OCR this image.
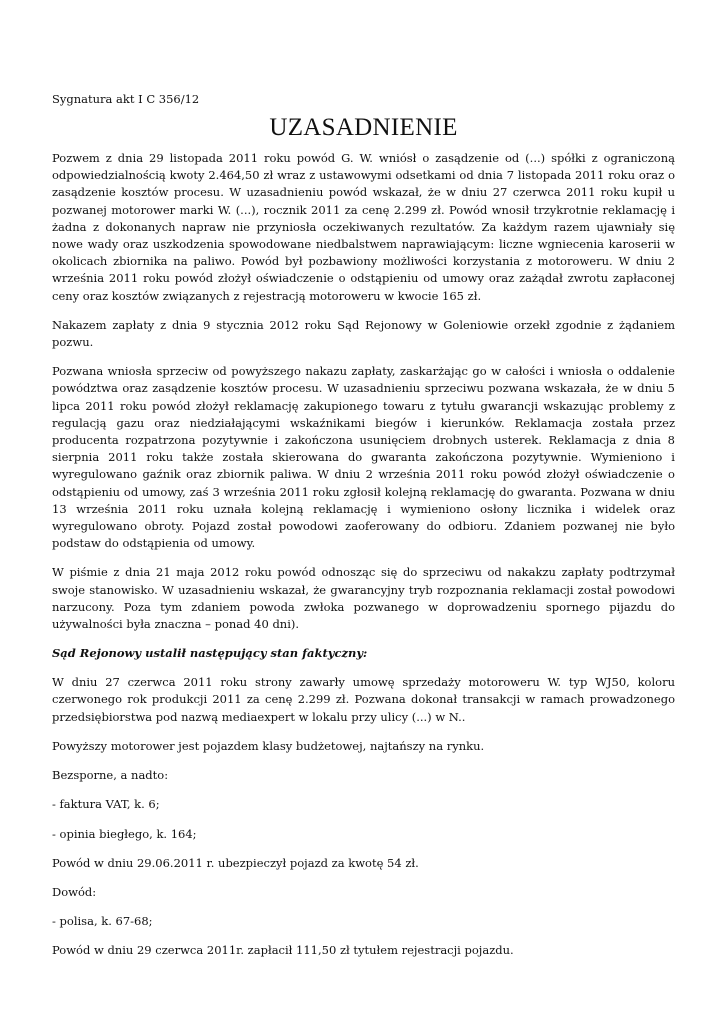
Sygnatura akt I C 356/12
UZASADNIENIE

Pozwem z dnia 29 listopada 2011 roku powód G. W. wniósł o zasądzenie od (...) spółki z ograniczoną odpowiedzialnością kwoty 2.464,50 zł wraz z ustawowymi odsetkami od dnia 7 listopada 2011 roku oraz o zasądzenie kosztów procesu. W uzasadnieniu powód wskazał, że w dniu 27 czerwca 2011 roku kupił u pozwanej motorower marki W. (...), rocznik 2011 za cenę 2.299 zł. Powód wnosił trzykrotnie reklamację i żadna z dokonanych napraw nie przyniosła oczekiwanych rezultatów. Za każdym razem ujawniały się nowe wady oraz uszkodzenia spowodowane niedbalstwem naprawiającym: liczne wgniecenia karoserii w okolicach zbiornika na paliwo. Powód był pozbawiony możliwości korzystania z motoroweru. W dniu 2 września 2011 roku powód złożył oświadczenie o odstąpieniu od umowy oraz zażądał zwrotu zapłaconej ceny oraz kosztów związanych z rejestracją motoroweru w kwocie 165 zł.

Nakazem zapłaty z dnia 9 stycznia 2012 roku Sąd Rejonowy w Goleniowie orzekł zgodnie z żądaniem pozwu.

Pozwana wniosła sprzeciw od powyższego nakazu zapłaty, zaskarżając go w całości i wniosła o oddalenie powództwa oraz zasądzenie kosztów procesu. W uzasadnieniu sprzeciwu pozwana wskazała, że w dniu 5 lipca 2011 roku powód złożył reklamację zakupionego towaru z tytułu gwarancji wskazując problemy z regulacją gazu oraz niedziałającymi wskaźnikami biegów i kierunków. Reklamacja została przez producenta rozpatrzona pozytywnie i zakończona usunięciem drobnych usterek. Reklamacja z dnia 8 sierpnia 2011 roku także została skierowana do gwaranta zakończona pozytywnie. Wymieniono i wyregulowano gaźnik oraz zbiornik paliwa. W dniu 2 września 2011 roku powód złożył oświadczenie o odstąpieniu od umowy, zaś 3 września 2011 roku zgłosił kolejną reklamację do gwaranta. Pozwana w dniu 13 września 2011 roku uznała kolejną reklamację i wymieniono osłony licznika i widelek oraz wyregulowano obroty. Pojazd został powodowi zaoferowany do odbioru. Zdaniem pozwanej nie było podstaw do odstąpienia od umowy.

W piśmie z dnia 21 maja 2012 roku powód odnosząc się do sprzeciwu od nakakzu zapłaty podtrzymał swoje stanowisko. W uzasadnieniu wskazał, że gwarancyjny tryb rozpoznania reklamacji został powodowi narzucony. Poza tym zdaniem powoda zwłoka pozwanego w doprowadzeniu spornego pijazdu do używalności była znaczna – ponad 40 dni).

Sąd Rejonowy ustalił następujący stan faktyczny:

W dniu 27 czerwca 2011 roku strony zawarły umowę sprzedaży motoroweru W. typ WJ50, koloru czerwonego rok produkcji 2011 za cenę 2.299 zł. Pozwana dokonał transakcji w ramach prowadzonego przedsiębiorstwa pod nazwą mediaexpert w lokalu przy ulicy (...) w N..

Powyższy motorower jest pojazdem klasy budżetowej, najtańszy na rynku.

Bezsporne, a nadto:

- faktura VAT, k. 6;

- opinia biegłego, k. 164;

Powód w dniu 29.06.2011 r. ubezpieczył pojazd za kwotę 54 zł.

Dowód:

- polisa, k. 67-68;

Powód w dniu 29 czerwca 2011r. zapłacił 111,50 zł tytułem rejestracji pojazdu.
